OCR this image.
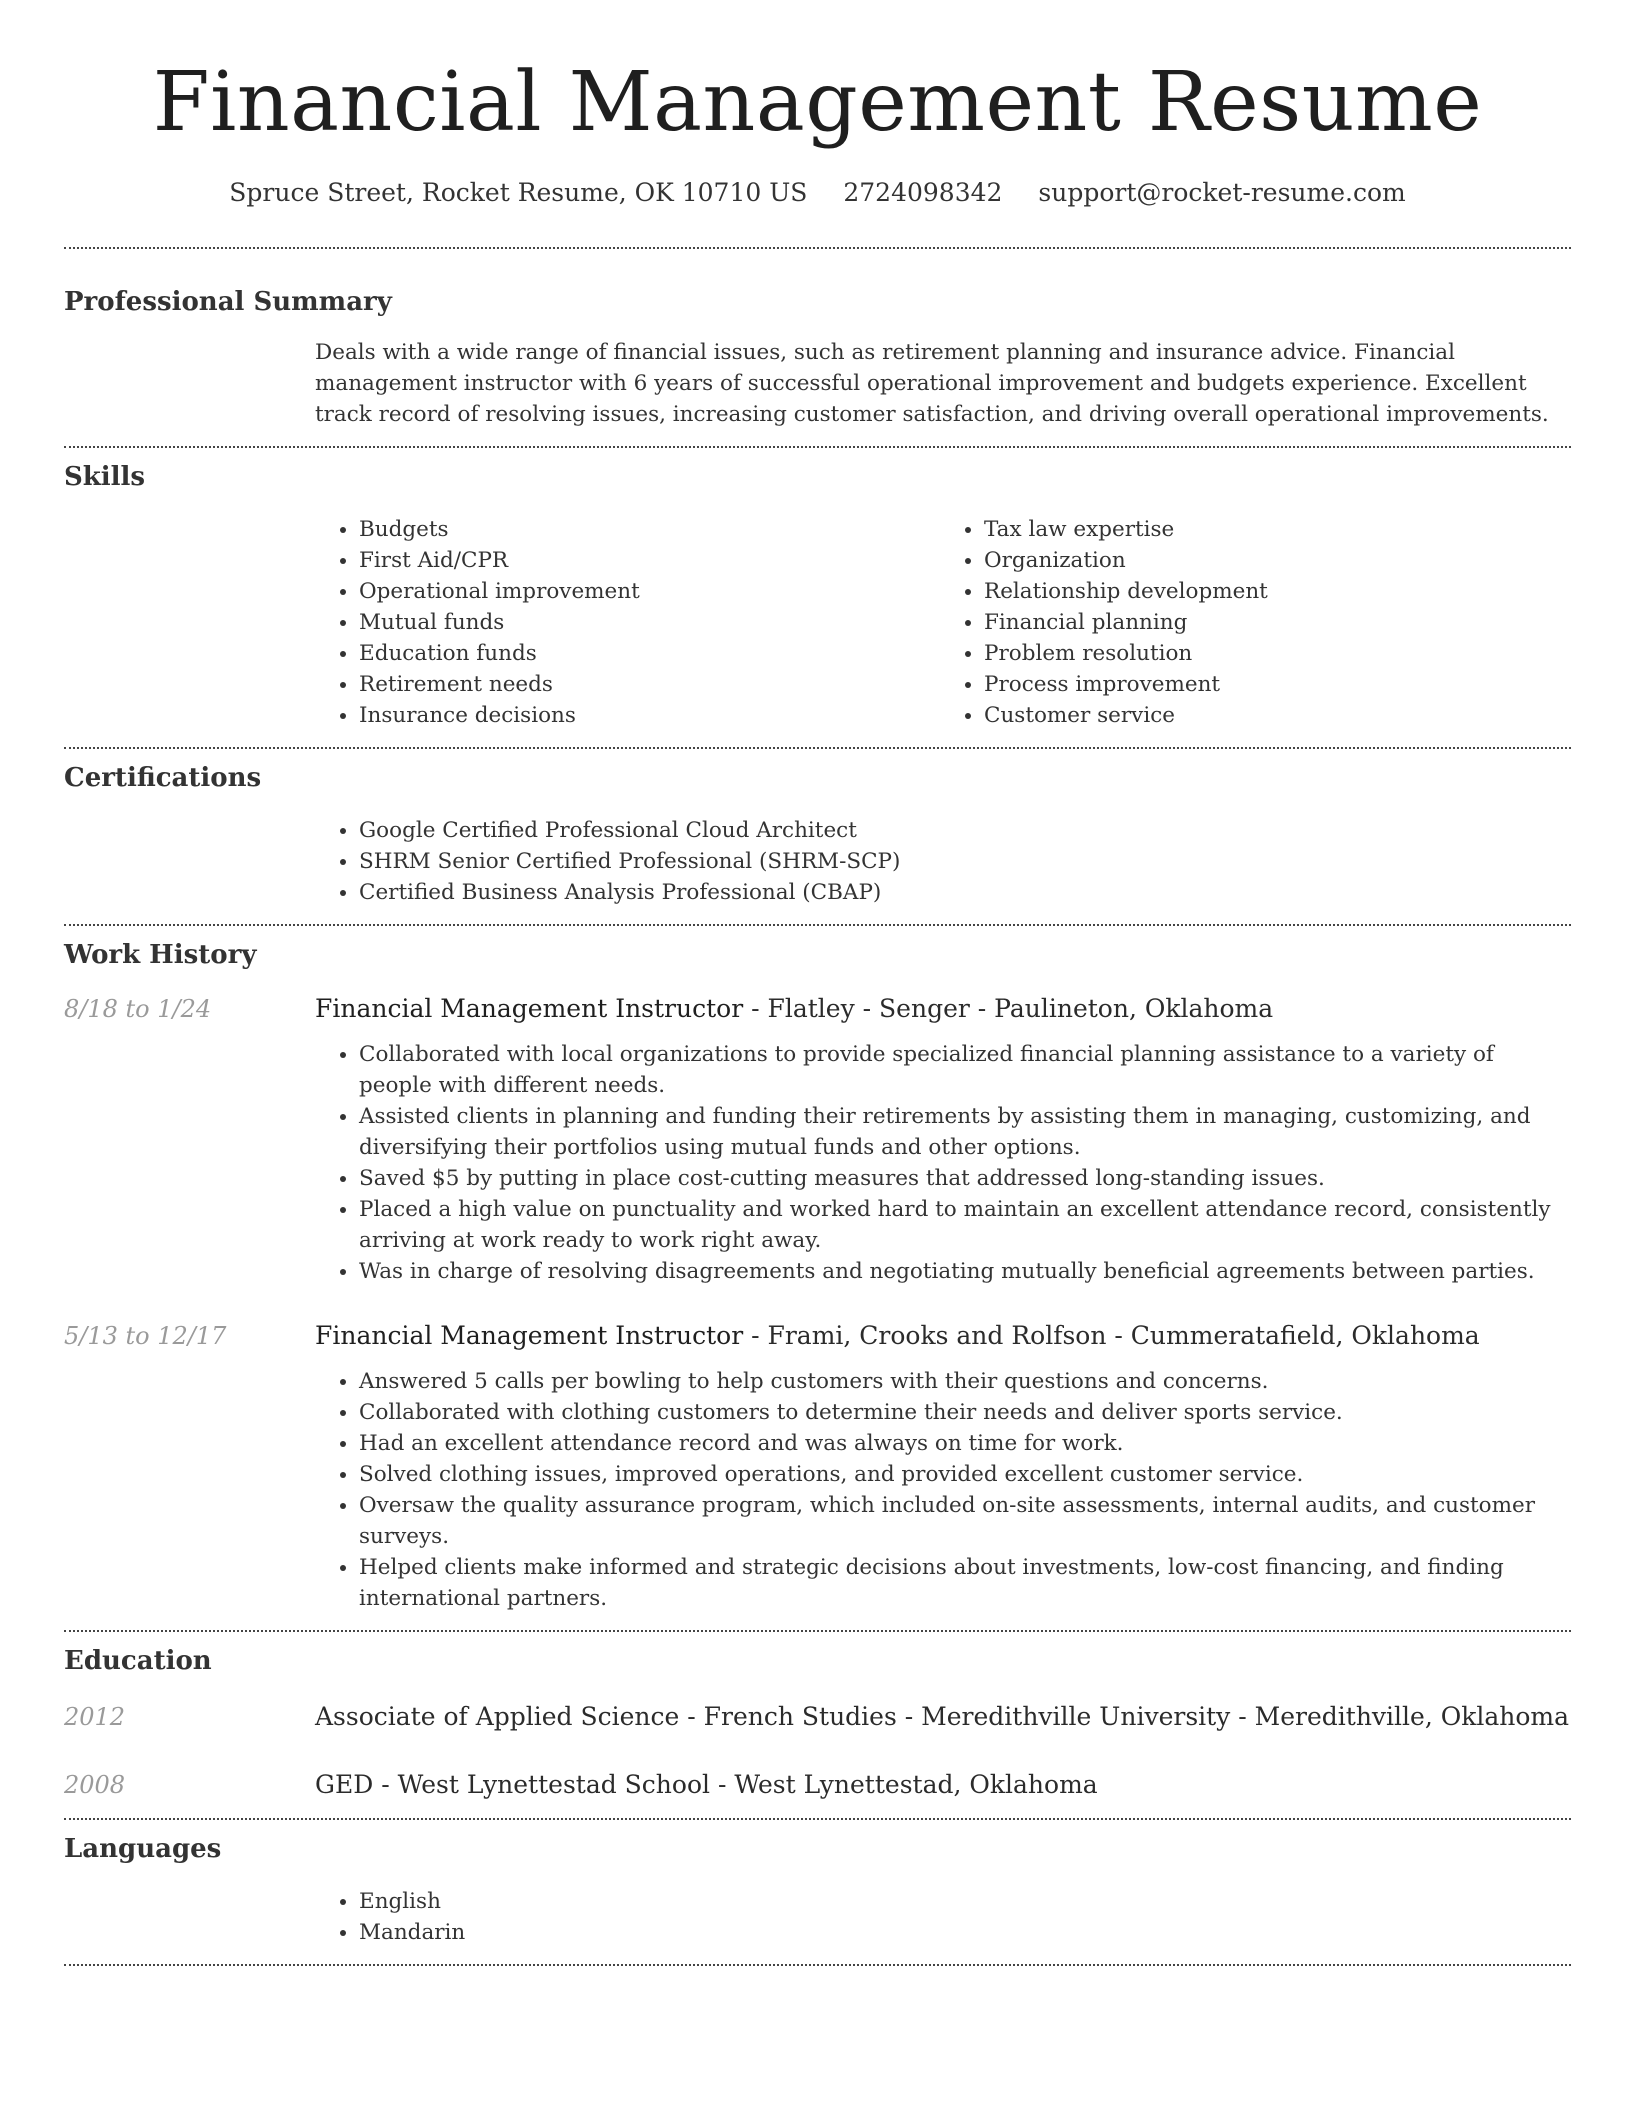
Financial Management Resume
Spruce Street, Rocket Resume, OK 10710 US 2724098342 support@rocket-resume.com
Professional Summary

Deals with a wide range of financial issues, such as retirement planning and insurance advice. Financial management instructor with 6 years of successful operational improvement and budgets experience. Excellent track record of resolving issues, increasing customer satisfaction, and driving overall operational improvements.

Skills
• Budgets
• First Aid/CPR
• Operational improvement
• Mutual funds
• Education funds
• Retirement needs
• Insurance decisions
• Tax law expertise
• Organization
• Relationship development
• Financial planning
• Problem resolution
• Process improvement
• Customer service
Certifications
• Google Certified Professional Cloud Architect
• SHRM Senior Certified Professional (SHRM-SCP)
• Certified Business Analysis Professional (CBAP)
Work History
8/18 to 1/24	Financial Management Instructor - Flatley - Senger - Paulineton, Oklahoma
• Collaborated with local organizations to provide specialized financial planning assistance to a variety of people with different needs.
• Assisted clients in planning and funding their retirements by assisting them in managing, customizing, and diversifying their portfolios using mutual funds and other options.
• Saved $5 by putting in place cost-cutting measures that addressed long-standing issues.
• Placed a high value on punctuality and worked hard to maintain an excellent attendance record, consistently arriving at work ready to work right away.
• Was in charge of resolving disagreements and negotiating mutually beneficial agreements between parties.
5/13 to 12/17	Financial Management Instructor - Frami, Crooks and Rolfson - Cummeratafield, Oklahoma
• Answered 5 calls per bowling to help customers with their questions and concerns.
• Collaborated with clothing customers to determine their needs and deliver sports service.
• Had an excellent attendance record and was always on time for work.
• Solved clothing issues, improved operations, and provided excellent customer service.
• Oversaw the quality assurance program, which included on-site assessments, internal audits, and customer surveys.
• Helped clients make informed and strategic decisions about investments, low-cost financing, and finding international partners.
Education
2012	Associate of Applied Science - French Studies - Meredithville University - Meredithville, Oklahoma
2008	GED - West Lynettestad School - West Lynettestad, Oklahoma
Languages
• English
• Mandarin
